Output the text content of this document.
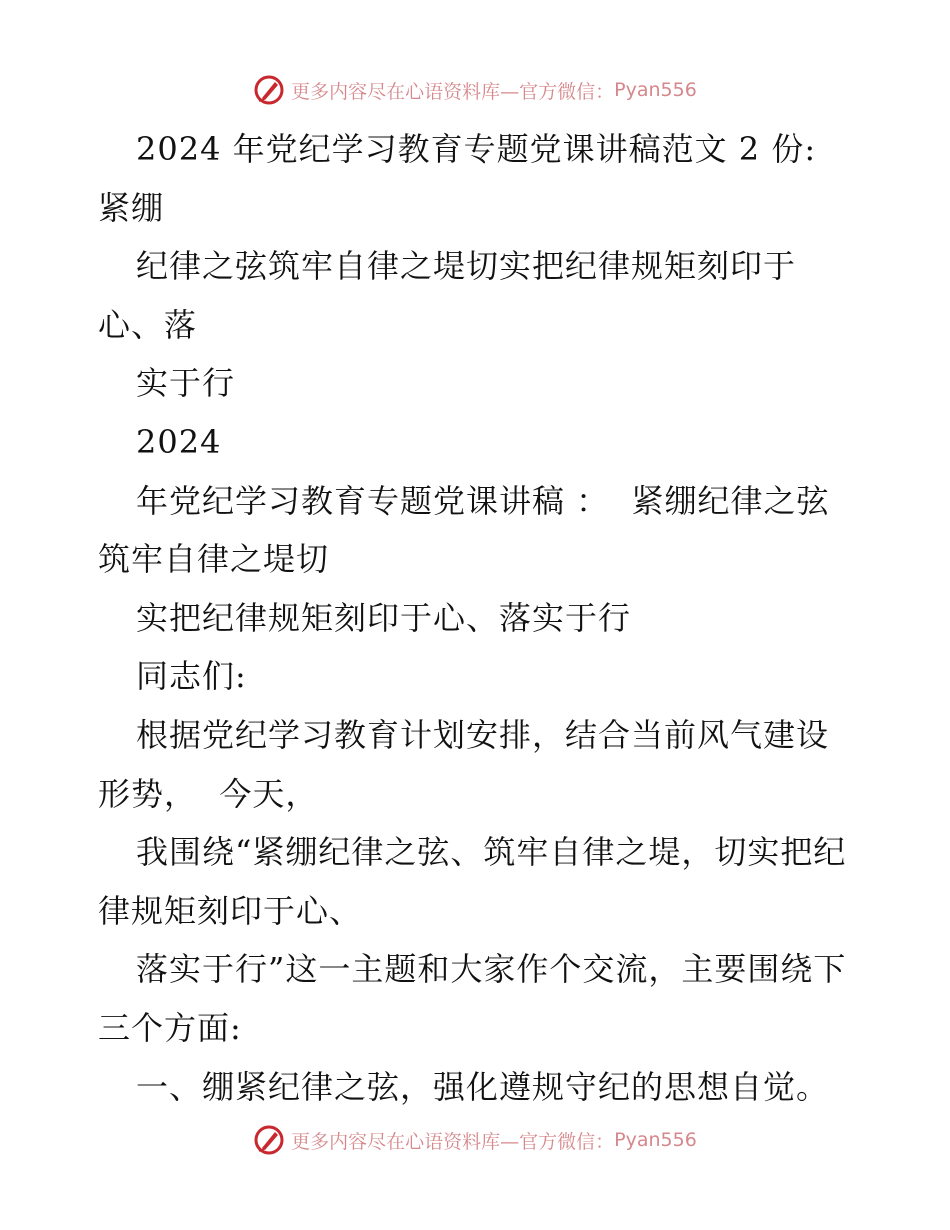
更多内容尽在心语资料库—官方微信： Pyan556

2024 年党纪学习教育专题党课讲稿范文 2 份: 紧绷

纪律之弦筑牢自律之堤切实把纪律规矩刻印于心、落

实于行

2024

年党纪学习教育专题党课讲稿 ：  紧绷纪律之弦筑牢自律之堤切

实把纪律规矩刻印于心、落实于行

同志们:

根据党纪学习教育计划安排，结合当前风气建设形势，  今天，

我围绕“紧绷纪律之弦、筑牢自律之堤，切实把纪律规矩刻印于心、

落实于行”这一主题和大家作个交流，主要围绕下三个方面:

一、绷紧纪律之弦，强化遵规守纪的思想自觉。

更多内容尽在心语资料库—官方微信： Pyan556
